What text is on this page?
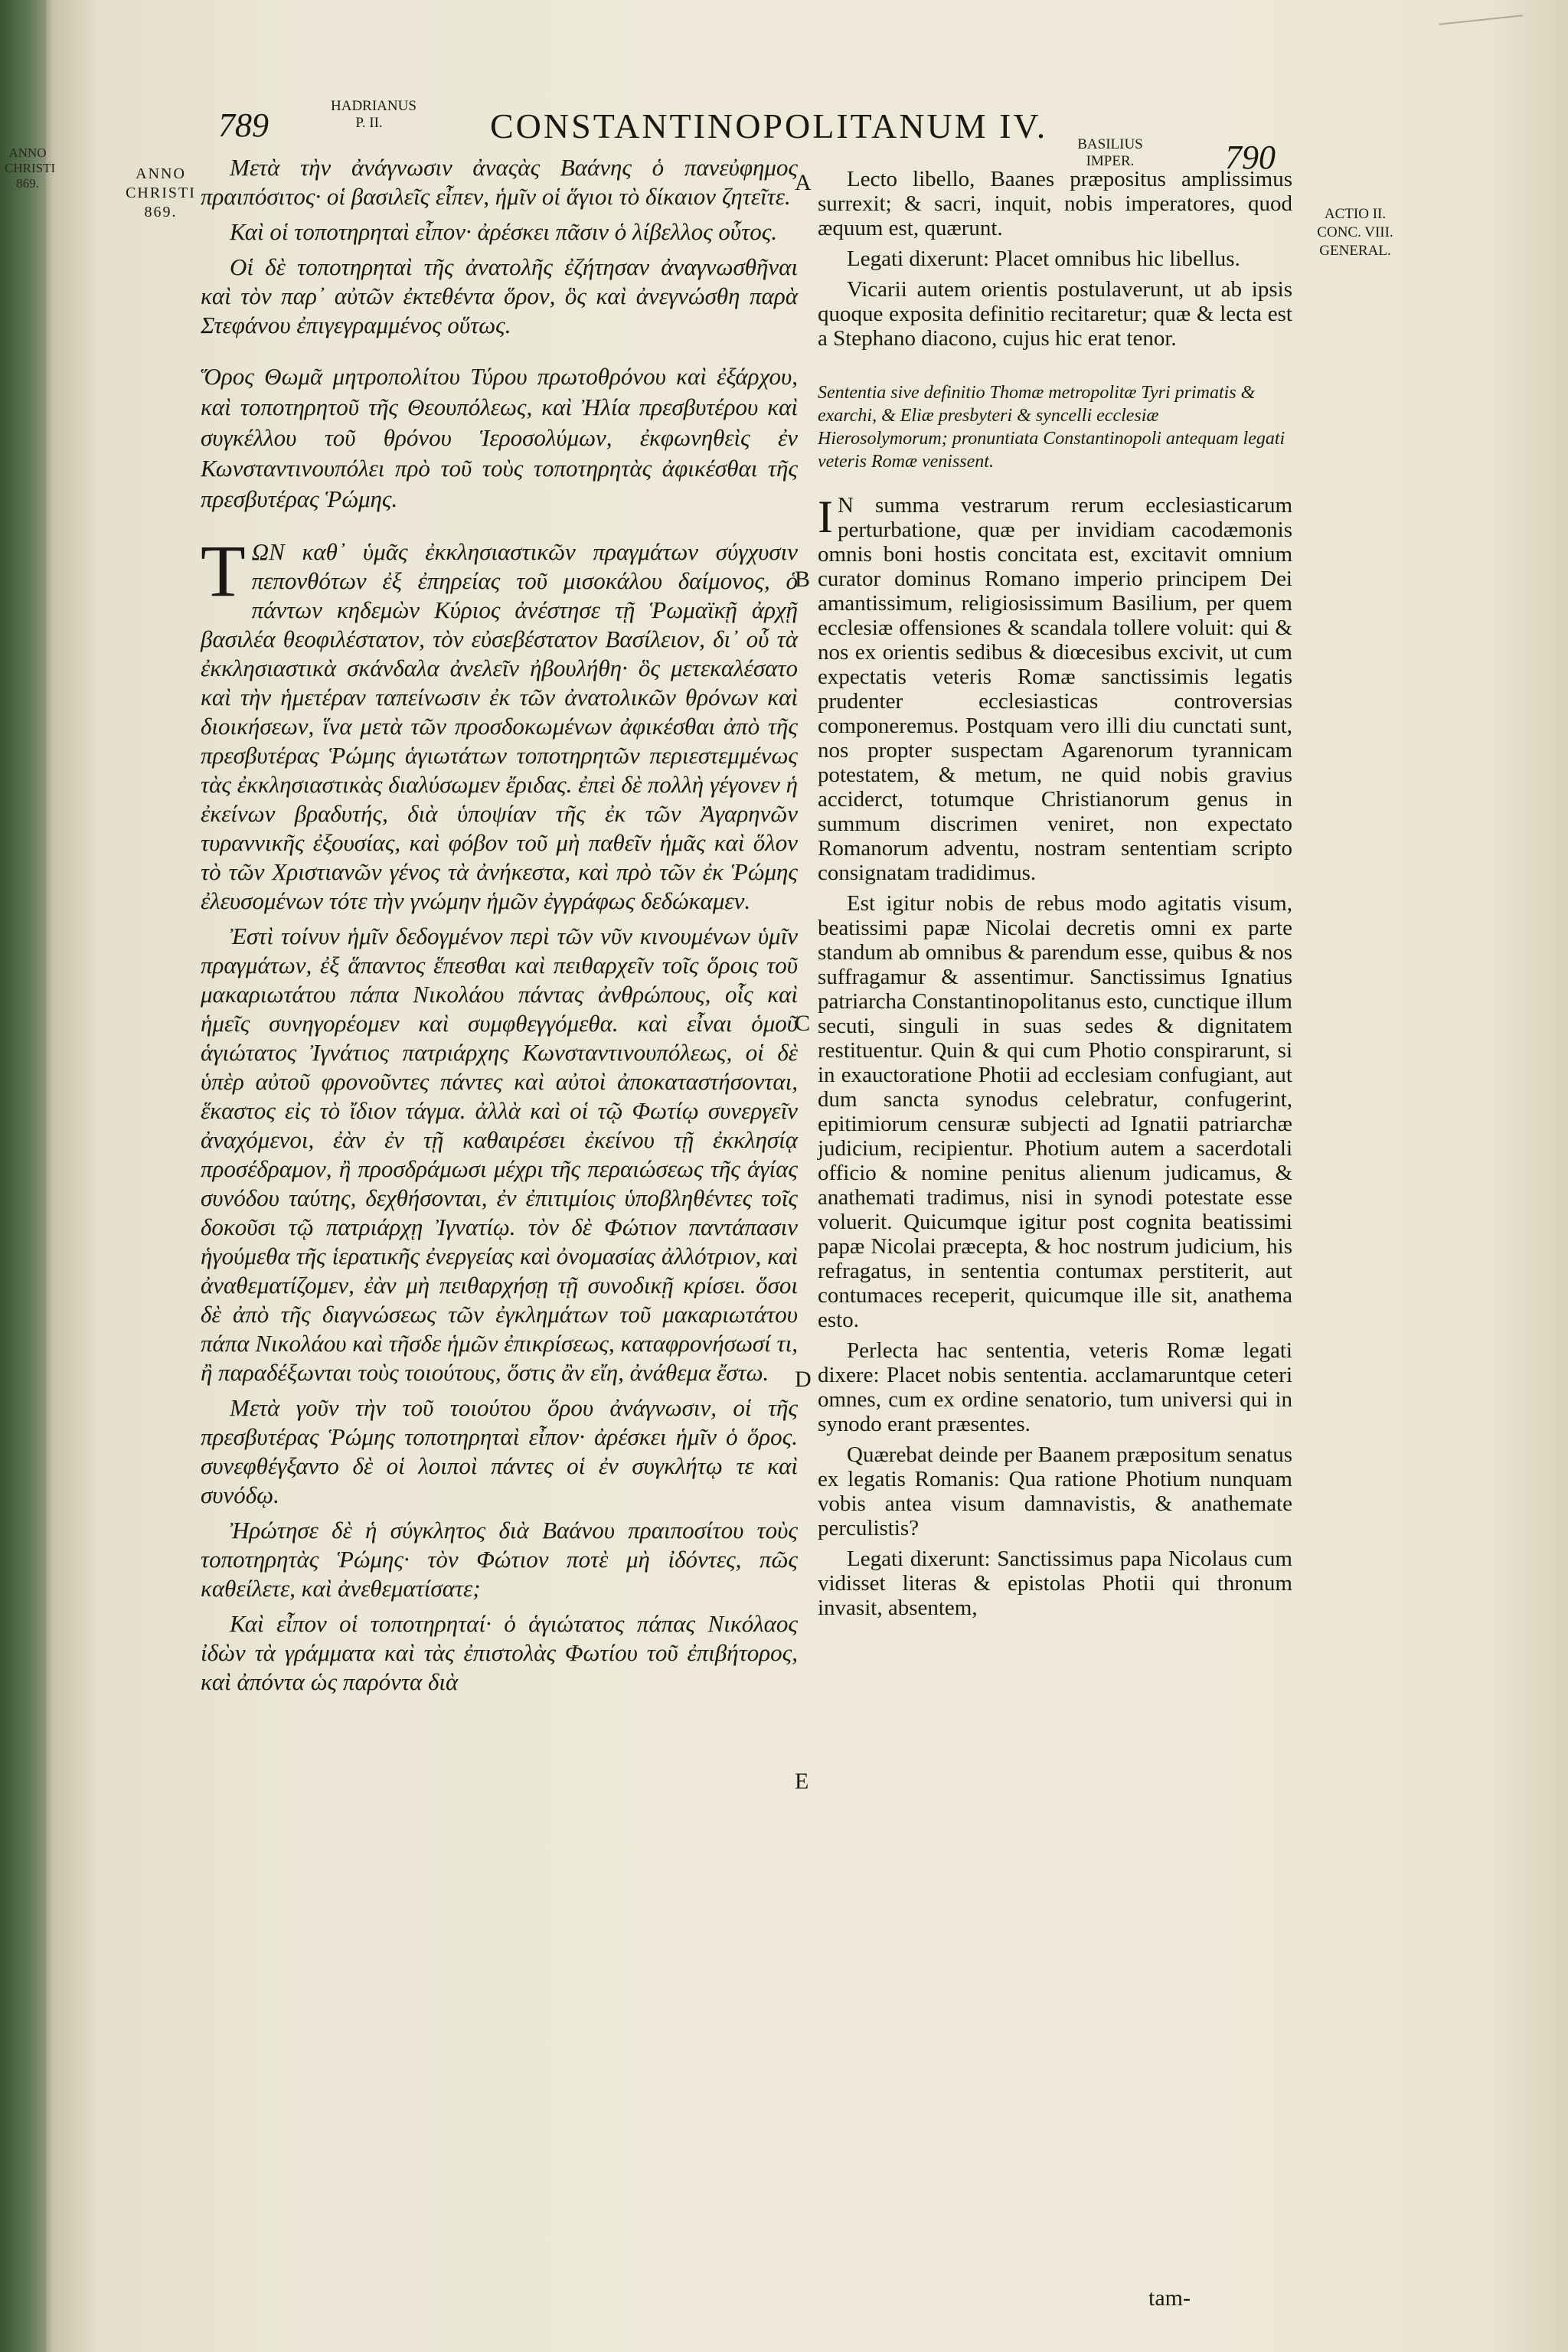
ANNO
CHRISTI
869.
789
HADRIANUS
P. II.	CONSTANTINOPOLITANUM IV.	BASILIUS
IMPER.	790
ANNO
CHRISTI
869.	ACTIO II.
CONC. VIII.
GENERAL.

Μετὰ τὴν ἀνάγνωσιν ἀναςὰς Βαάνης ὁ πανεὐφημος πραιπόσιτος· οἱ βασιλεῖς εἶπεν, ἡμῖν οἱ ἅγιοι τὸ δίκαιον ζητεῖτε.

Καὶ οἱ τοποτηρηταὶ εἶπον· ἀρέσκει πᾶσιν ὁ λίβελλος οὗτος.

Οἱ δὲ τοποτηρηταὶ τῆς ἀνατολῆς ἐζήτησαν ἀναγνωσθῆναι καὶ τὸν παρ᾽ αὐτῶν ἐκτεθέντα ὅρον, ὃς καὶ ἀνεγνώσθη παρὰ Στεφάνου ἐπιγεγραμμένος οὕτως.

Ὅρος Θωμᾶ μητροπολίτου Τύρου πρωτοθρόνου καὶ ἐξάρχου, καὶ τοποτηρητοῦ τῆς Θεουπόλεως, καὶ Ἠλία πρεσβυτέρου καὶ συγκέλλου τοῦ θρόνου Ἱεροσολύμων, ἐκφωνηθεὶς ἐν Κωνσταντινουπόλει πρὸ τοῦ τοὺς τοποτηρητὰς ἀφικέσθαι τῆς πρεσβυτέρας Ῥώμης.

ΤΩΝ καθ᾽ ὑμᾶς ἐκκλησιαστικῶν πραγμάτων σύγχυσιν πεπονθότων ἐξ ἐπηρείας τοῦ μισοκάλου δαίμονος, ὁ πάντων κηδεμὼν Κύριος ἀνέστησε τῇ Ῥωμαϊκῇ ἀρχῇ βασιλέα θεοφιλέστατον, τὸν εὐσεβέστατον Βασίλειον, δι᾽ οὗ τὰ ἐκκλησιαστικὰ σκάνδαλα ἀνελεῖν ἠβουλήθη· ὃς μετεκαλέσατο καὶ τὴν ἡμετέραν ταπείνωσιν ἐκ τῶν ἀνατολικῶν θρόνων καὶ διοικήσεων, ἵνα μετὰ τῶν προσδοκωμένων ἀφικέσθαι ἀπὸ τῆς πρεσβυτέρας Ῥώμης ἁγιωτάτων τοποτηρητῶν περιεστεμμένως τὰς ἐκκλησιαστικὰς διαλύσωμεν ἔριδας. ἐπεὶ δὲ πολλὴ γέγονεν ἡ ἐκείνων βραδυτής, διὰ ὑποψίαν τῆς ἐκ τῶν Ἀγαρηνῶν τυραννικῆς ἐξουσίας, καὶ φόβον τοῦ μὴ παθεῖν ἡμᾶς καὶ ὅλον τὸ τῶν Χριστιανῶν γένος τὰ ἀνήκεστα, καὶ πρὸ τῶν ἐκ Ῥώμης ἐλευσομένων τότε τὴν γνώμην ἡμῶν ἐγγράφως δεδώκαμεν.

Ἐστὶ τοίνυν ἡμῖν δεδογμένον περὶ τῶν νῦν κινουμένων ὑμῖν πραγμάτων, ἐξ ἅπαντος ἕπεσθαι καὶ πειθαρχεῖν τοῖς ὅροις τοῦ μακαριωτάτου πάπα Νικολάου πάντας ἀνθρώπους, οἷς καὶ ἡμεῖς συνηγορέομεν καὶ συμφθεγγόμεθα. καὶ εἶναι ὁμοῦ ἁγιώτατος Ἰγνάτιος πατριάρχης Κωνσταντινουπόλεως, οἱ δὲ ὑπὲρ αὐτοῦ φρονοῦντες πάντες καὶ αὐτοὶ ἀποκαταστήσονται, ἕκαστος εἰς τὸ ἴδιον τάγμα. ἀλλὰ καὶ οἱ τῷ Φωτίῳ συνεργεῖν ἀναχόμενοι, ἐὰν ἐν τῇ καθαιρέσει ἐκείνου τῇ ἐκκλησίᾳ προσέδραμον, ἢ προσδράμωσι μέχρι τῆς περαιώσεως τῆς ἁγίας συνόδου ταύτης, δεχθήσονται, ἐν ἐπιτιμίοις ὑποβληθέντες τοῖς δοκοῦσι τῷ πατριάρχῃ Ἰγνατίῳ. τὸν δὲ Φώτιον παντάπασιν ἡγούμεθα τῆς ἱερατικῆς ἐνεργείας καὶ ὀνομασίας ἀλλότριον, καὶ ἀναθεματίζομεν, ἐὰν μὴ πειθαρχήσῃ τῇ συνοδικῇ κρίσει. ὅσοι δὲ ἀπὸ τῆς διαγνώσεως τῶν ἐγκλημάτων τοῦ μακαριωτάτου πάπα Νικολάου καὶ τῆσδε ἡμῶν ἐπικρίσεως, καταφρονήσωσί τι, ἢ παραδέξωνται τοὺς τοιούτους, ὅστις ἂν εἴη, ἀνάθεμα ἔστω.

Μετὰ γοῦν τὴν τοῦ τοιούτου ὅρου ἀνάγνωσιν, οἱ τῆς πρεσβυτέρας Ῥώμης τοποτηρηταὶ εἶπον· ἀρέσκει ἡμῖν ὁ ὅρος. συνεφθέγξαντο δὲ οἱ λοιποὶ πάντες οἱ ἐν συγκλήτῳ τε καὶ συνόδῳ.

Ἠρώτησε δὲ ἡ σύγκλητος διὰ Βαάνου πραιποσίτου τοὺς τοποτηρητὰς Ῥώμης· τὸν Φώτιον ποτὲ μὴ ἰδόντες, πῶς καθείλετε, καὶ ἀνεθεματίσατε;

Καὶ εἶπον οἱ τοποτηρηταί· ὁ ἁγιώτατος πάπας Νικόλαος ἰδὼν τὰ γράμματα καὶ τὰς ἐπιστολὰς Φωτίου τοῦ ἐπιβήτορος, καὶ ἀπόντα ὡς παρόντα διὰ

A
B
C
D
E

Lecto libello, Baanes præpositus amplissimus surrexit; & sacri, inquit, nobis imperatores, quod æquum est, quærunt.

Legati dixerunt: Placet omnibus hic libellus.

Vicarii autem orientis postulaverunt, ut ab ipsis quoque exposita definitio recitaretur; quæ & lecta est a Stephano diacono, cujus hic erat tenor.

Sententia sive definitio Thomæ metropolitæ Tyri primatis & exarchi, & Eliæ presbyteri & syncelli ecclesiæ Hierosolymorum; pronuntiata Constantinopoli antequam legati veteris Romæ venissent.

I N summa vestrarum rerum ecclesiasticarum perturbatione, quæ per invidiam cacodæmonis omnis boni hostis concitata est, excitavit omnium curator dominus Romano imperio principem Dei amantissimum, religiosissimum Basilium, per quem ecclesiæ offensiones & scandala tollere voluit: qui & nos ex orientis sedibus & diœcesibus excivit, ut cum expectatis veteris Romæ sanctissimis legatis prudenter ecclesiasticas controversias componeremus. Postquam vero illi diu cunctati sunt, nos propter suspectam Agarenorum tyrannicam potestatem, & metum, ne quid nobis gravius acciderct, totumque Christianorum genus in summum discrimen veniret, non expectato Romanorum adventu, nostram sententiam scripto consignatam tradidimus.

Est igitur nobis de rebus modo agitatis visum, beatissimi papæ Nicolai decretis omni ex parte standum ab omnibus & parendum esse, quibus & nos suffragamur & assentimur. Sanctissimus Ignatius patriarcha Constantinopolitanus esto, cunctique illum secuti, singuli in suas sedes & dignitatem restituentur. Quin & qui cum Photio conspirarunt, si in exauctoratione Photii ad ecclesiam confugiant, aut dum sancta synodus celebratur, confugerint, epitimiorum censuræ subjecti ad Ignatii patriarchæ judicium, recipientur. Photium autem a sacerdotali officio & nomine penitus alienum judicamus, & anathemati tradimus, nisi in synodi potestate esse voluerit. Quicumque igitur post cognita beatissimi papæ Nicolai præcepta, & hoc nostrum judicium, his refragatus, in sententia contumax perstiterit, aut contumaces receperit, quicumque ille sit, anathema esto.

Perlecta hac sententia, veteris Romæ legati dixere: Placet nobis sententia. acclamaruntque ceteri omnes, cum ex ordine senatorio, tum universi qui in synodo erant præsentes.

Quærebat deinde per Baanem præpositum senatus ex legatis Romanis: Qua ratione Photium nunquam vobis antea visum damnavistis, & anathemate perculistis?

Legati dixerunt: Sanctissimus papa Nicolaus cum vidisset literas & epistolas Photii qui thronum invasit, absentem,

tam-
